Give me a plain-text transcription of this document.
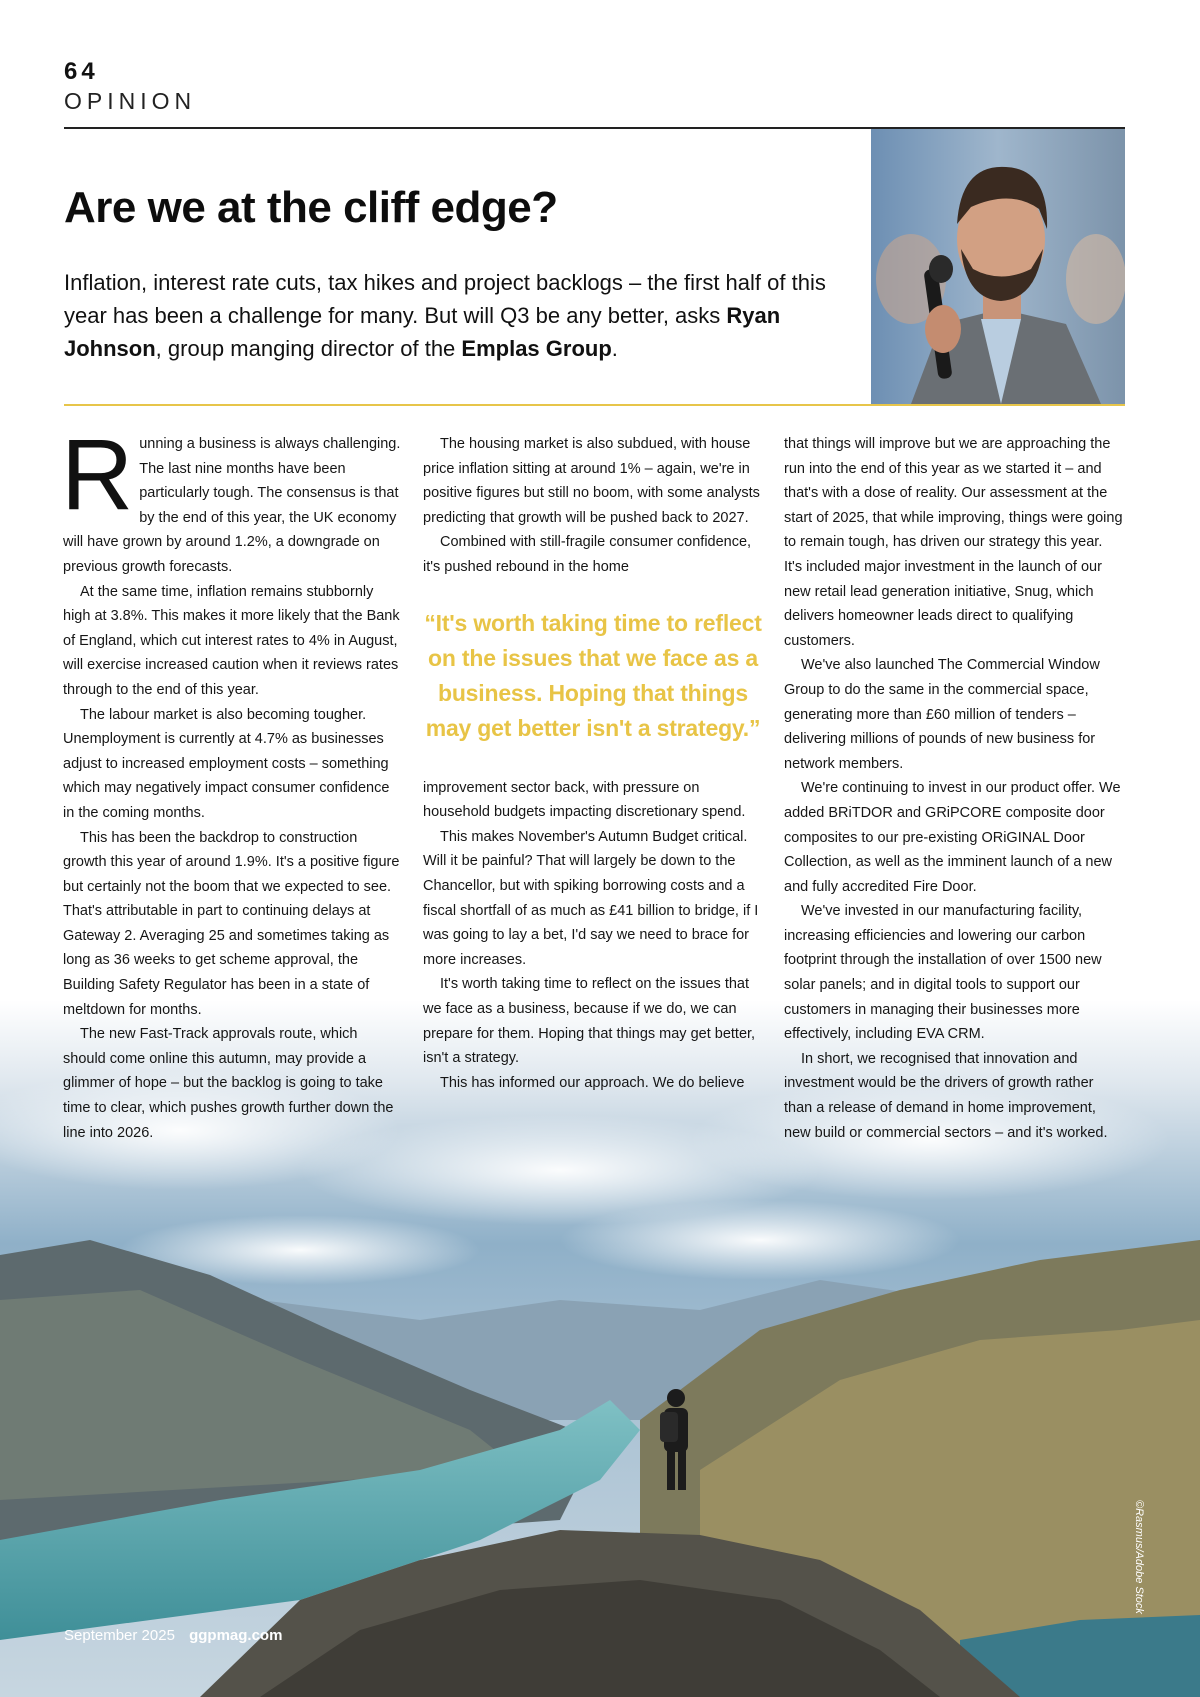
64
OPINION
Are we at the cliff edge?

Inflation, interest rate cuts, tax hikes and project backlogs – the first half of this year has been a challenge for many. But will Q3 be any better, asks Ryan Johnson, group manging director of the Emplas Group.

Running a business is always challenging. The last nine months have been particularly tough. The consensus is that by the end of this year, the UK economy will have grown by around 1.2%, a downgrade on previous growth forecasts.

At the same time, inflation remains stubbornly high at 3.8%. This makes it more likely that the Bank of England, which cut interest rates to 4% in August, will exercise increased caution when it reviews rates through to the end of this year.

The labour market is also becoming tougher. Unemployment is currently at 4.7% as businesses adjust to increased employment costs – something which may negatively impact consumer confidence in the coming months.

This has been the backdrop to construction growth this year of around 1.9%. It's a positive figure but certainly not the boom that we expected to see. That's attributable in part to continuing delays at Gateway 2. Averaging 25 and sometimes taking as long as 36 weeks to get scheme approval, the Building Safety Regulator has been in a state of meltdown for months.

The new Fast-Track approvals route, which should come online this autumn, may provide a glimmer of hope – but the backlog is going to take time to clear, which pushes growth further down the line into 2026.

The housing market is also subdued, with house price inflation sitting at around 1% – again, we're in positive figures but still no boom, with some analysts predicting that growth will be pushed back to 2027.

Combined with still-fragile consumer confidence, it's pushed rebound in the home

“It's worth taking time to reflect on the issues that we face as a business. Hoping that things may get better isn't a strategy.”

improvement sector back, with pressure on household budgets impacting discretionary spend.

This makes November's Autumn Budget critical. Will it be painful? That will largely be down to the Chancellor, but with spiking borrowing costs and a fiscal shortfall of as much as £41 billion to bridge, if I was going to lay a bet, I'd say we need to brace for more increases.

It's worth taking time to reflect on the issues that we face as a business, because if we do, we can prepare for them. Hoping that things may get better, isn't a strategy.

This has informed our approach. We do believe

that things will improve but we are approaching the run into the end of this year as we started it – and that's with a dose of reality. Our assessment at the start of 2025, that while improving, things were going to remain tough, has driven our strategy this year. It's included major investment in the launch of our new retail lead generation initiative, Snug, which delivers homeowner leads direct to qualifying customers.

We've also launched The Commercial Window Group to do the same in the commercial space, generating more than £60 million of tenders – delivering millions of pounds of new business for network members.

We're continuing to invest in our product offer. We added BRiTDOR and GRiPCORE composite door composites to our pre-existing ORiGINAL Door Collection, as well as the imminent launch of a new and fully accredited Fire Door.

We've invested in our manufacturing facility, increasing efficiencies and lowering our carbon footprint through the installation of over 1500 new solar panels; and in digital tools to support our customers in managing their businesses more effectively, including EVA CRM.

In short, we recognised that innovation and investment would be the drivers of growth rather than a release of demand in home improvement, new build or commercial sectors – and it's worked.

September 2025 ggpmag.com
©Rasmus/Adobe Stock
